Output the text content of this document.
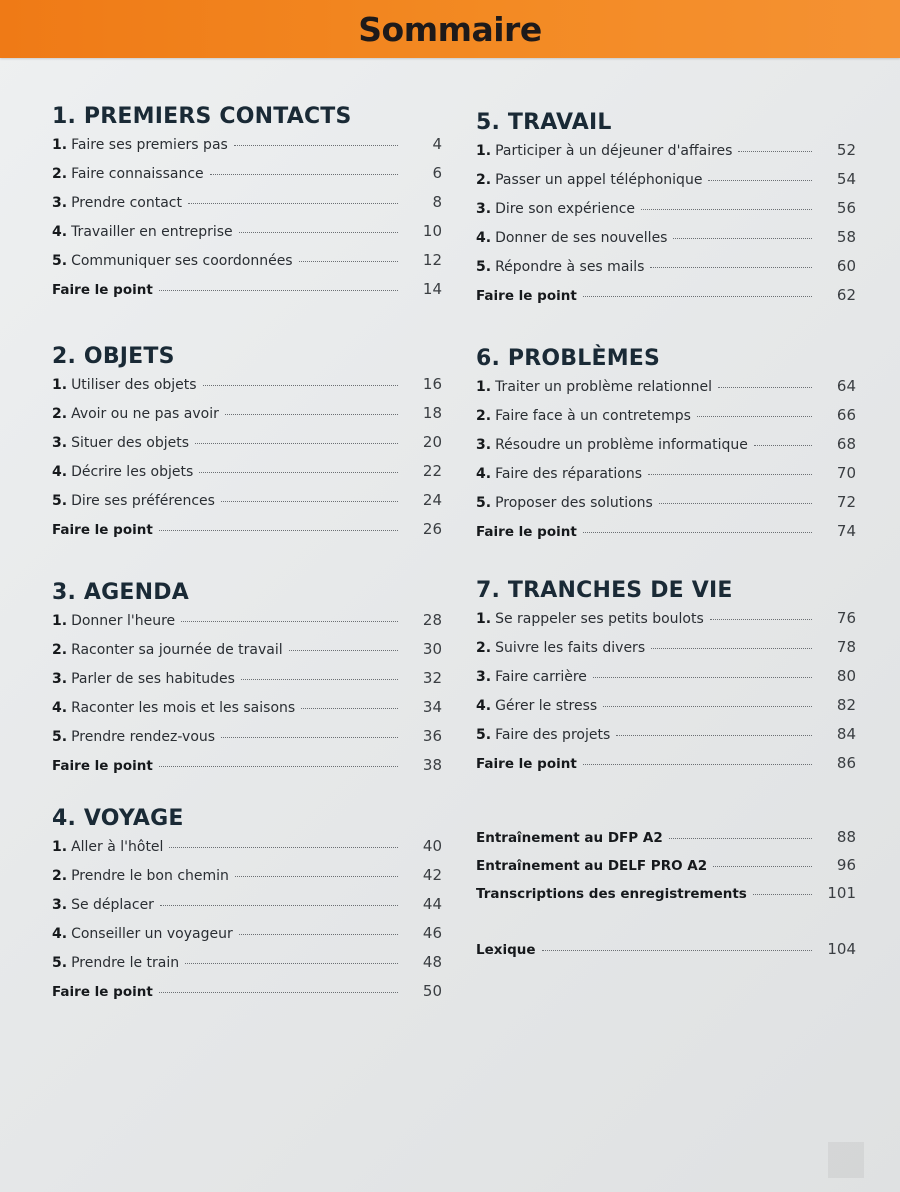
Sommaire
1. PREMIERS CONTACTS
1. Faire ses premiers pas	4
2. Faire connaissance	6
3. Prendre contact	8
4. Travailler en entreprise	10
5. Communiquer ses coordonnées	12
Faire le point	14
2. OBJETS
1. Utiliser des objets	16
2. Avoir ou ne pas avoir	18
3. Situer des objets	20
4. Décrire les objets	22
5. Dire ses préférences	24
Faire le point	26
3. AGENDA
1. Donner l'heure	28
2. Raconter sa journée de travail	30
3. Parler de ses habitudes	32
4. Raconter les mois et les saisons	34
5. Prendre rendez-vous	36
Faire le point	38
4. VOYAGE
1. Aller à l'hôtel	40
2. Prendre le bon chemin	42
3. Se déplacer	44
4. Conseiller un voyageur	46
5. Prendre le train	48
Faire le point	50
5. TRAVAIL
1. Participer à un déjeuner d'affaires	52
2. Passer un appel téléphonique	54
3. Dire son expérience	56
4. Donner de ses nouvelles	58
5. Répondre à ses mails	60
Faire le point	62
6. PROBLÈMES
1. Traiter un problème relationnel	64
2. Faire face à un contretemps	66
3. Résoudre un problème informatique	68
4. Faire des réparations	70
5. Proposer des solutions	72
Faire le point	74
7. TRANCHES DE VIE
1. Se rappeler ses petits boulots	76
2. Suivre les faits divers	78
3. Faire carrière	80
4. Gérer le stress	82
5. Faire des projets	84
Faire le point	86
Entraînement au DFP A2	88
Entraînement au DELF PRO A2	96
Transcriptions des enregistrements	101
Lexique	104
